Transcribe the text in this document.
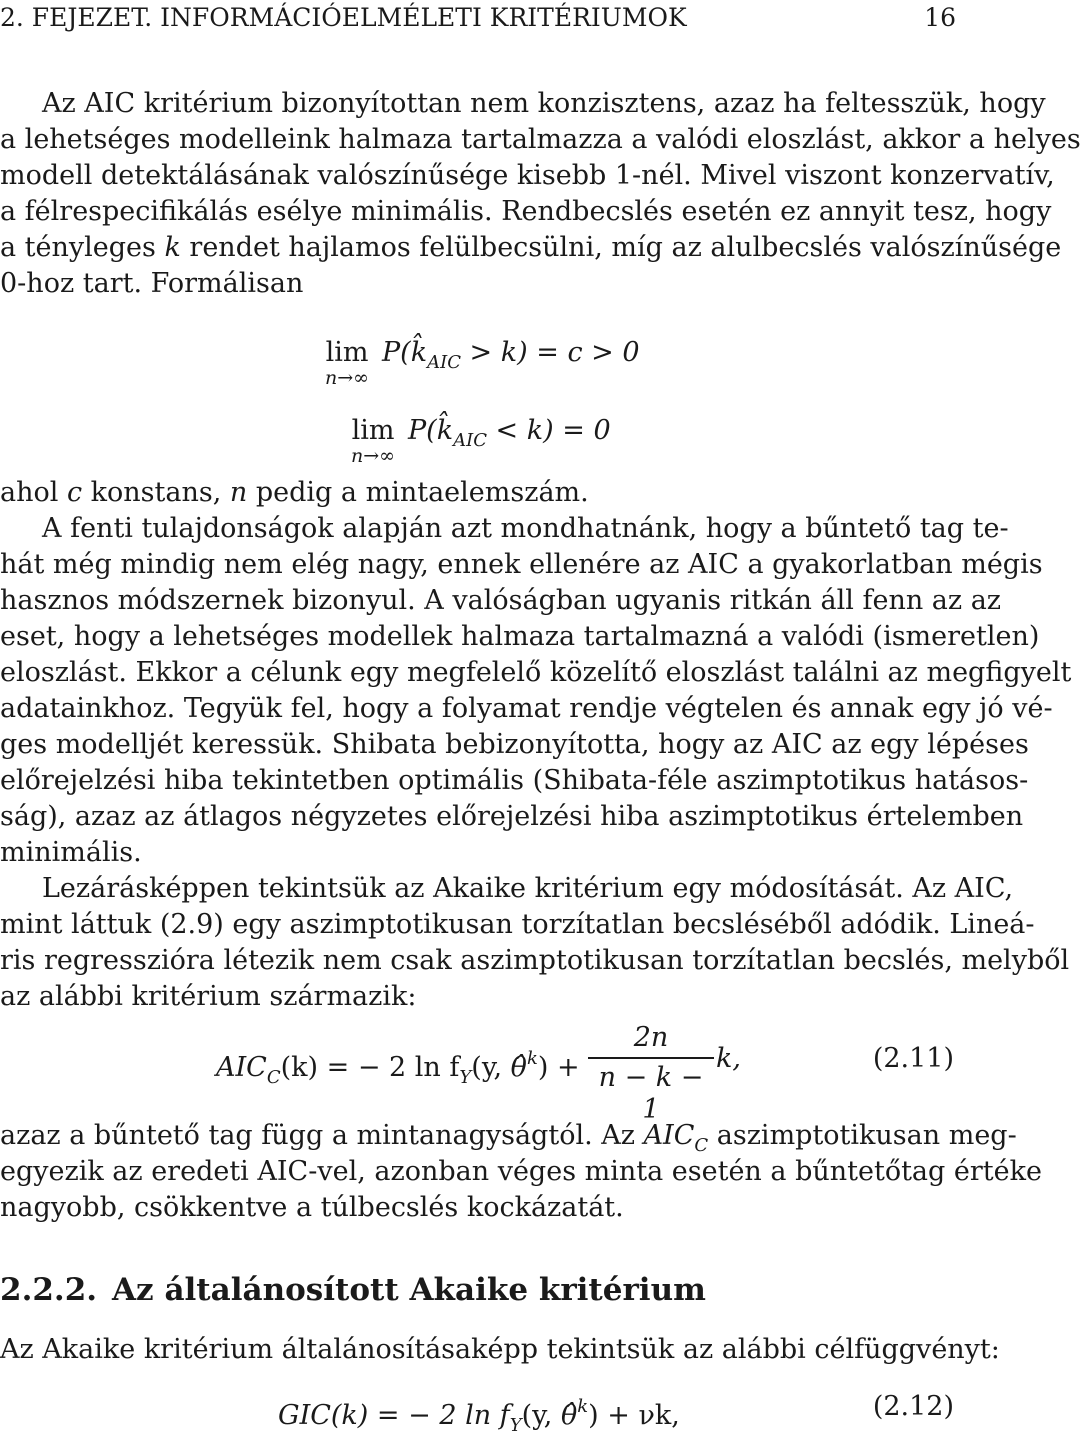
2. FEJEZET. INFORMÁCIÓELMÉLETI KRITÉRIUMOK	16
Az AIC kritérium bizonyítottan nem konzisztens, azaz ha feltesszük, hogy
a lehetséges modelleink halmaza tartalmazza a valódi eloszlást, akkor a helyes
modell detektálásának valószínűsége kisebb 1-nél. Mivel viszont konzervatív,
a félrespecifikálás esélye minimális. Rendbecslés esetén ez annyit tesz, hogy
a tényleges k rendet hajlamos felülbecsülni, míg az alulbecslés valószínűsége
0-hoz tart. Formálisan
lim
n→∞
$P(k̂_{AIC} > k) = c > 0$
lim
n→∞
$P(k̂_{AIC} < k) = 0$
ahol c konstans, n pedig a mintaelemszám.
A fenti tulajdonságok alapján azt mondhatnánk, hogy a bűntető tag te-
hát még mindig nem elég nagy, ennek ellenére az AIC a gyakorlatban mégis
hasznos módszernek bizonyul. A valóságban ugyanis ritkán áll fenn az az
eset, hogy a lehetséges modellek halmaza tartalmazná a valódi (ismeretlen)
eloszlást. Ekkor a célunk egy megfelelő közelítő eloszlást találni az megfigyelt
adatainkhoz. Tegyük fel, hogy a folyamat rendje végtelen és annak egy jó vé-
ges modelljét keressük. Shibata bebizonyította, hogy az AIC az egy lépéses
előrejelzési hiba tekintetben optimális (Shibata-féle aszimptotikus hatásos-
ság), azaz az átlagos négyzetes előrejelzési hiba aszimptotikus értelemben
minimális.
Lezárásképpen tekintsük az Akaike kritérium egy módosítását. Az AIC,
mint láttuk (2.9) egy aszimptotikusan torzítatlan becsléséből adódik. Lineá-
ris regresszióra létezik nem csak aszimptotikusan torzítatlan becslés, melyből
az alábbi kritérium származik:
$AIC_C(k)$ = − 2 $\ln f_Y(y$, θ̂$^k$) +
2n
n − k − 1
k,	(2.11)
azaz a bűntető tag függ a mintanagyságtól. Az $AIC_C$ aszimptotikusan meg-
egyezik az eredeti AIC-vel, azonban véges minta esetén a bűntetőtag értéke
nagyobb, csökkentve a túlbecslés kockázatát.
2.2.2. Az általánosított Akaike kritérium
Az Akaike kritérium általánosításaképp tekintsük az alábbi célfüggvényt:
GIC(k) = − 2 $\ln f_Y(y$, θ̂$^k$) + νk,	(2.12)
